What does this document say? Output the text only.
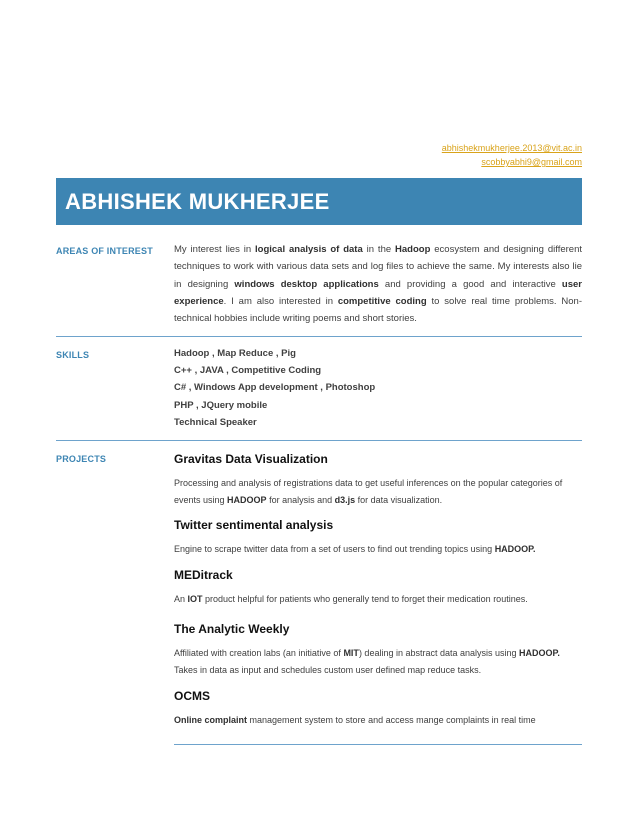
abhishekmukherjee.2013@vit.ac.in
scobbyabhi9@gmail.com
ABHISHEK MUKHERJEE
AREAS OF INTEREST	My interest lies in logical analysis of data in the Hadoop ecosystem and designing different techniques to work with various data sets and log files to achieve the same. My interests also lie in designing windows desktop applications and providing a good and interactive user experience. I am also interested in competitive coding to solve real time problems. Non-technical hobbies include writing poems and short stories.

SKILLS	Hadoop , Map Reduce , Pig
C++ , JAVA , Competitive Coding
C# , Windows App development , Photoshop
PHP , JQuery mobile
Technical Speaker
PROJECTS	Gravitas Data Visualization
Processing and analysis of registrations data to get useful inferences on the popular categories of events using HADOOP for analysis and d3.js for data visualization.
Twitter sentimental analysis
Engine to scrape twitter data from a set of users to find out trending topics using HADOOP.
MEDitrack
An IOT product helpful for patients who generally tend to forget their medication routines.
The Analytic Weekly
Affiliated with creation labs (an initiative of MIT) dealing in abstract data analysis using HADOOP. Takes in data as input and schedules custom user defined map reduce tasks.
OCMS
Online complaint management system to store and access mange complaints in real time
